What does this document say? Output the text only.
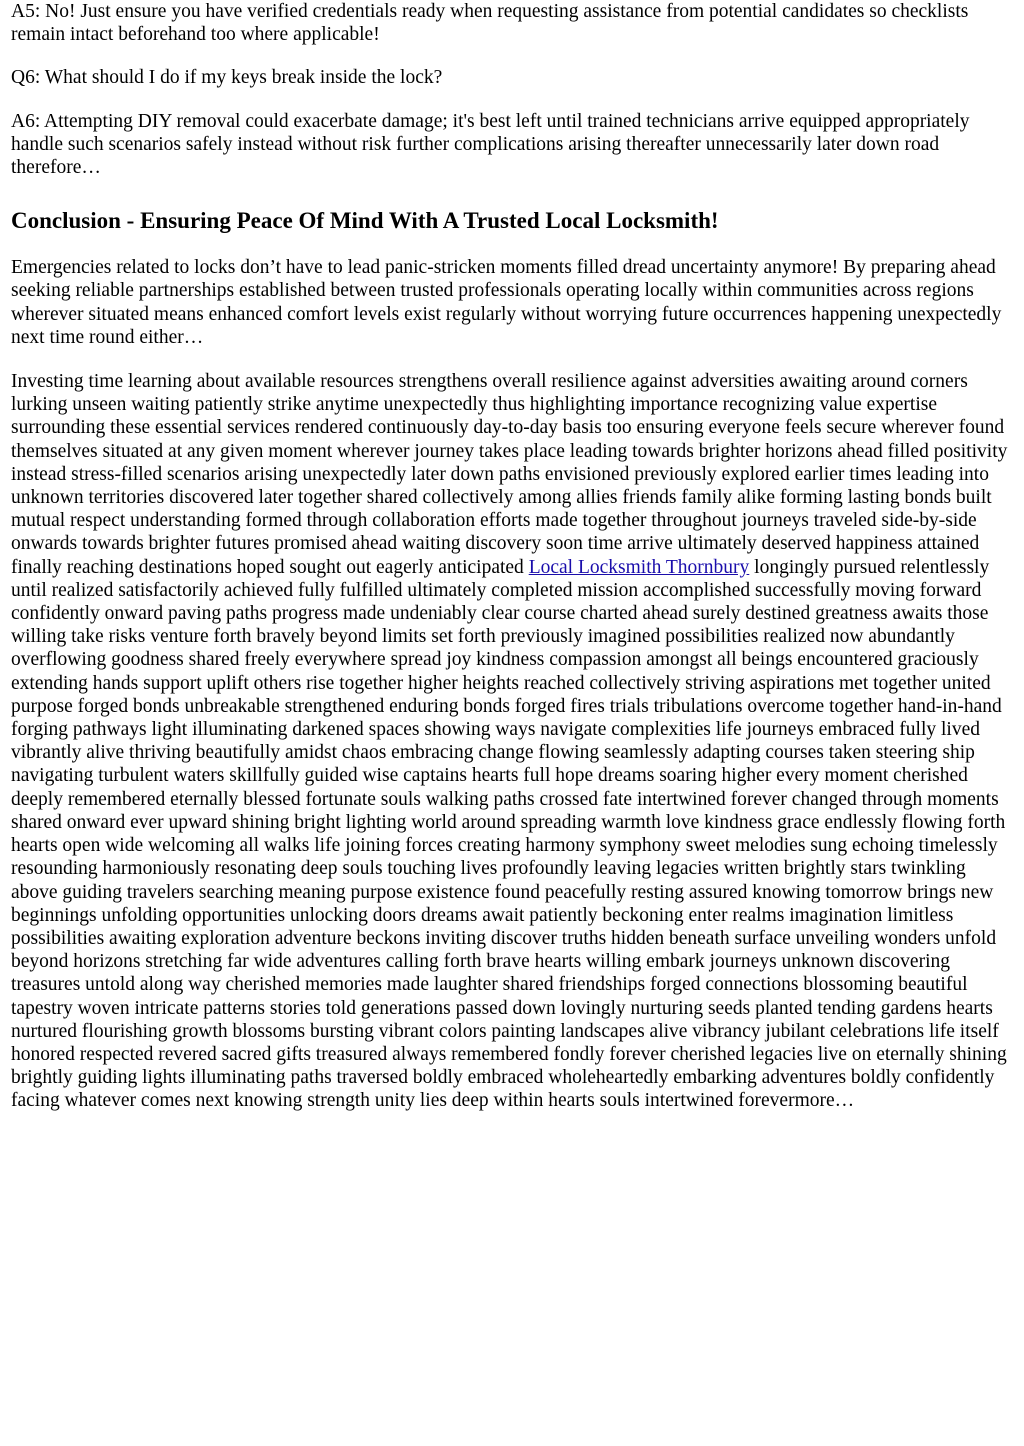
A5: No! Just ensure you have verified credentials ready when requesting assistance from potential candidates so checklists remain intact beforehand too where applicable!

Q6: What should I do if my keys break inside the lock?

A6: Attempting DIY removal could exacerbate damage; it's best left until trained technicians arrive equipped appropriately handle such scenarios safely instead without risk further complications arising thereafter unnecessarily later down road therefore…

Conclusion - Ensuring Peace Of Mind With A Trusted Local Locksmith!

Emergencies related to locks don’t have to lead panic-stricken moments filled dread uncertainty anymore! By preparing ahead seeking reliable partnerships established between trusted professionals operating locally within communities across regions wherever situated means enhanced comfort levels exist regularly without worrying future occurrences happening unexpectedly next time round either…

Investing time learning about available resources strengthens overall resilience against adversities awaiting around corners lurking unseen waiting patiently strike anytime unexpectedly thus highlighting importance recognizing value expertise surrounding these essential services rendered continuously day-to-day basis too ensuring everyone feels secure wherever found themselves situated at any given moment wherever journey takes place leading towards brighter horizons ahead filled positivity instead stress-filled scenarios arising unexpectedly later down paths envisioned previously explored earlier times leading into unknown territories discovered later together shared collectively among allies friends family alike forming lasting bonds built mutual respect understanding formed through collaboration efforts made together throughout journeys traveled side-by-side onwards towards brighter futures promised ahead waiting discovery soon time arrive ultimately deserved happiness attained finally reaching destinations hoped sought out eagerly anticipated Local Locksmith Thornbury longingly pursued relentlessly until realized satisfactorily achieved fully fulfilled ultimately completed mission accomplished successfully moving forward confidently onward paving paths progress made undeniably clear course charted ahead surely destined greatness awaits those willing take risks venture forth bravely beyond limits set forth previously imagined possibilities realized now abundantly overflowing goodness shared freely everywhere spread joy kindness compassion amongst all beings encountered graciously extending hands support uplift others rise together higher heights reached collectively striving aspirations met together united purpose forged bonds unbreakable strengthened enduring bonds forged fires trials tribulations overcome together hand-in-hand forging pathways light illuminating darkened spaces showing ways navigate complexities life journeys embraced fully lived vibrantly alive thriving beautifully amidst chaos embracing change flowing seamlessly adapting courses taken steering ship navigating turbulent waters skillfully guided wise captains hearts full hope dreams soaring higher every moment cherished deeply remembered eternally blessed fortunate souls walking paths crossed fate intertwined forever changed through moments shared onward ever upward shining bright lighting world around spreading warmth love kindness grace endlessly flowing forth hearts open wide welcoming all walks life joining forces creating harmony symphony sweet melodies sung echoing timelessly resounding harmoniously resonating deep souls touching lives profoundly leaving legacies written brightly stars twinkling above guiding travelers searching meaning purpose existence found peacefully resting assured knowing tomorrow brings new beginnings unfolding opportunities unlocking doors dreams await patiently beckoning enter realms imagination limitless possibilities awaiting exploration adventure beckons inviting discover truths hidden beneath surface unveiling wonders unfold beyond horizons stretching far wide adventures calling forth brave hearts willing embark journeys unknown discovering treasures untold along way cherished memories made laughter shared friendships forged connections blossoming beautiful tapestry woven intricate patterns stories told generations passed down lovingly nurturing seeds planted tending gardens hearts nurtured flourishing growth blossoms bursting vibrant colors painting landscapes alive vibrancy jubilant celebrations life itself honored respected revered sacred gifts treasured always remembered fondly forever cherished legacies live on eternally shining brightly guiding lights illuminating paths traversed boldly embraced wholeheartedly embarking adventures boldly confidently facing whatever comes next knowing strength unity lies deep within hearts souls intertwined forevermore…
